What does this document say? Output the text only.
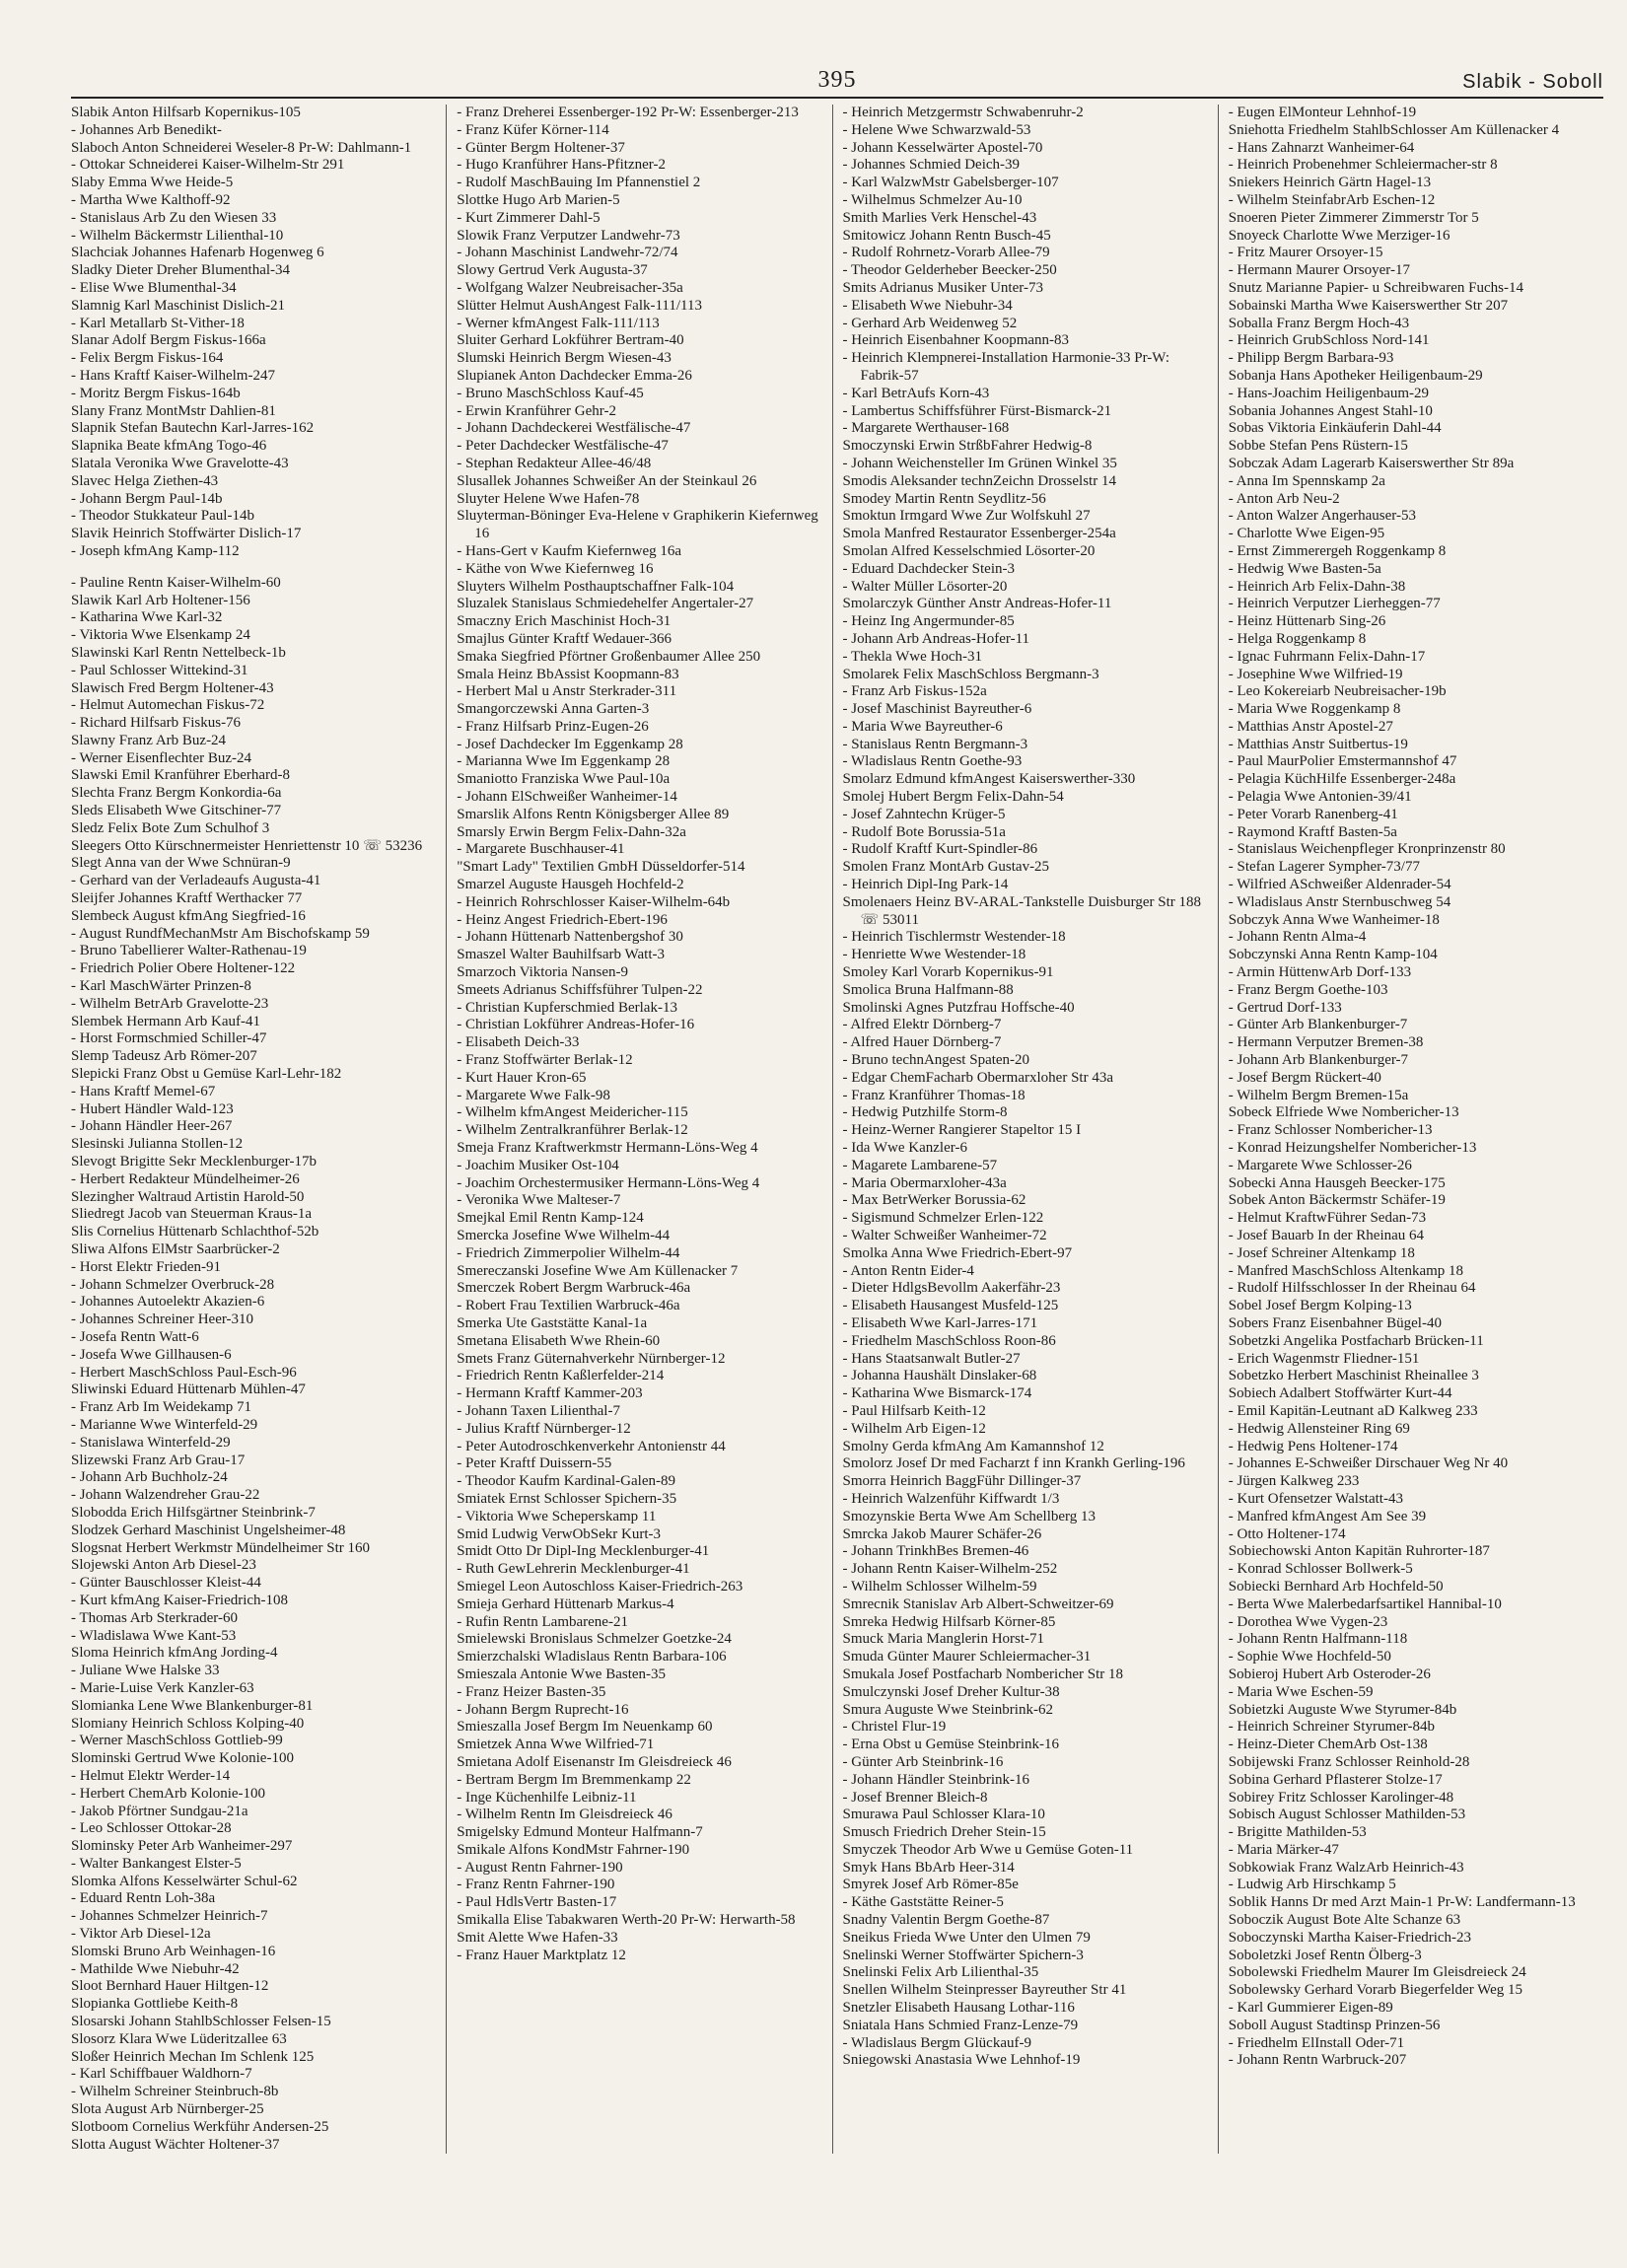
395	Slabik - Soboll
Slabik Anton Hilfsarb Kopernikus-105
- Johannes Arb Benedikt-
Slaboch Anton Schneiderei Weseler-8 Pr-W: Dahlmann-1
- Ottokar Schneiderei Kaiser-Wilhelm-Str 291
Slaby Emma Wwe Heide-5
- Martha Wwe Kalthoff-92
- Stanislaus Arb Zu den Wiesen 33
- Wilhelm Bäckermstr Lilienthal-10
Slachciak Johannes Hafenarb Hogenweg 6
Sladky Dieter Dreher Blumenthal-34
- Elise Wwe Blumenthal-34
Slamnig Karl Maschinist Dislich-21
- Karl Metallarb St-Vither-18
Slanar Adolf Bergm Fiskus-166a
- Felix Bergm Fiskus-164
- Hans Kraftf Kaiser-Wilhelm-247
- Moritz Bergm Fiskus-164b
Slany Franz MontMstr Dahlien-81
Slapnik Stefan Bautechn Karl-Jarres-162
Slapnika Beate kfmAng Togo-46
Slatala Veronika Wwe Gravelotte-43
Slavec Helga Ziethen-43
- Johann Bergm Paul-14b
- Theodor Stukkateur Paul-14b
Slavik Heinrich Stoffwärter Dislich-17
- Joseph kfmAng Kamp-112
- Pauline Rentn Kaiser-Wilhelm-60
Slawik Karl Arb Holtener-156
- Katharina Wwe Karl-32
- Viktoria Wwe Elsenkamp 24
Slawinski Karl Rentn Nettelbeck-1b
- Paul Schlosser Wittekind-31
Slawisch Fred Bergm Holtener-43
- Helmut Automechan Fiskus-72
- Richard Hilfsarb Fiskus-76
Slawny Franz Arb Buz-24
- Werner Eisenflechter Buz-24
Slawski Emil Kranführer Eberhard-8
Slechta Franz Bergm Konkordia-6a
Sleds Elisabeth Wwe Gitschiner-77
Sledz Felix Bote Zum Schulhof 3
Sleegers Otto Kürschnermeister Henriettenstr 10 ☏ 53236
Slegt Anna van der Wwe Schnüran-9
- Gerhard van der Verladeaufs Augusta-41
Sleijfer Johannes Kraftf Werthacker 77
Slembeck August kfmAng Siegfried-16
- August RundfMechanMstr Am Bischofskamp 59
- Bruno Tabellierer Walter-Rathenau-19
- Friedrich Polier Obere Holtener-122
- Karl MaschWärter Prinzen-8
- Wilhelm BetrArb Gravelotte-23
Slembek Hermann Arb Kauf-41
- Horst Formschmied Schiller-47
Slemp Tadeusz Arb Römer-207
Slepicki Franz Obst u Gemüse Karl-Lehr-182
- Hans Kraftf Memel-67
- Hubert Händler Wald-123
- Johann Händler Heer-267
Slesinski Julianna Stollen-12
Slevogt Brigitte Sekr Mecklenburger-17b
- Herbert Redakteur Mündelheimer-26
Slezingher Waltraud Artistin Harold-50
Sliedregt Jacob van Steuerman Kraus-1a
Slis Cornelius Hüttenarb Schlachthof-52b
Sliwa Alfons ElMstr Saarbrücker-2
- Horst Elektr Frieden-91
- Johann Schmelzer Overbruck-28
- Johannes Autoelektr Akazien-6
- Johannes Schreiner Heer-310
- Josefa Rentn Watt-6
- Josefa Wwe Gillhausen-6
- Herbert MaschSchloss Paul-Esch-96
Sliwinski Eduard Hüttenarb Mühlen-47
- Franz Arb Im Weidekamp 71
- Marianne Wwe Winterfeld-29
- Stanislawa Winterfeld-29
Slizewski Franz Arb Grau-17
- Johann Arb Buchholz-24
- Johann Walzendreher Grau-22
Slobodda Erich Hilfsgärtner Steinbrink-7
Slodzek Gerhard Maschinist Ungelsheimer-48
Slogsnat Herbert Werkmstr Mündelheimer Str 160
Slojewski Anton Arb Diesel-23
- Günter Bauschlosser Kleist-44
- Kurt kfmAng Kaiser-Friedrich-108
- Thomas Arb Sterkrader-60
- Wladislawa Wwe Kant-53
Sloma Heinrich kfmAng Jording-4
- Juliane Wwe Halske 33
- Marie-Luise Verk Kanzler-63
Slomianka Lene Wwe Blankenburger-81
Slomiany Heinrich Schloss Kolping-40
- Werner MaschSchloss Gottlieb-99
Slominski Gertrud Wwe Kolonie-100
- Helmut Elektr Werder-14
- Herbert ChemArb Kolonie-100
- Jakob Pförtner Sundgau-21a
- Leo Schlosser Ottokar-28
Slominsky Peter Arb Wanheimer-297
- Walter Bankangest Elster-5
Slomka Alfons Kesselwärter Schul-62
- Eduard Rentn Loh-38a
- Johannes Schmelzer Heinrich-7
- Viktor Arb Diesel-12a
Slomski Bruno Arb Weinhagen-16
- Mathilde Wwe Niebuhr-42
Sloot Bernhard Hauer Hiltgen-12
Slopianka Gottliebe Keith-8
Slosarski Johann StahlbSchlosser Felsen-15
Slosorz Klara Wwe Lüderitzallee 63
Sloßer Heinrich Mechan Im Schlenk 125
- Karl Schiffbauer Waldhorn-7
- Wilhelm Schreiner Steinbruch-8b
Slota August Arb Nürnberger-25
Slotboom Cornelius Werkführ Andersen-25
Slotta August Wächter Holtener-37
- Franz Dreherei Essenberger-192 Pr-W: Essenberger-213
- Franz Küfer Körner-114
- Günter Bergm Holtener-37
- Hugo Kranführer Hans-Pfitzner-2
- Rudolf MaschBauing Im Pfannenstiel 2
Slottke Hugo Arb Marien-5
- Kurt Zimmerer Dahl-5
Slowik Franz Verputzer Landwehr-73
- Johann Maschinist Landwehr-72/74
Slowy Gertrud Verk Augusta-37
- Wolfgang Walzer Neubreisacher-35a
Slütter Helmut AushAngest Falk-111/113
- Werner kfmAngest Falk-111/113
Sluiter Gerhard Lokführer Bertram-40
Slumski Heinrich Bergm Wiesen-43
Slupianek Anton Dachdecker Emma-26
- Bruno MaschSchloss Kauf-45
- Erwin Kranführer Gehr-2
- Johann Dachdeckerei Westfälische-47
- Peter Dachdecker Westfälische-47
- Stephan Redakteur Allee-46/48
Slusallek Johannes Schweißer An der Steinkaul 26
Sluyter Helene Wwe Hafen-78
Sluyterman-Böninger Eva-Helene v Graphikerin Kiefernweg 16
- Hans-Gert v Kaufm Kiefernweg 16a
- Käthe von Wwe Kiefernweg 16
Sluyters Wilhelm Posthauptschaffner Falk-104
Sluzalek Stanislaus Schmiedehelfer Angertaler-27
Smaczny Erich Maschinist Hoch-31
Smajlus Günter Kraftf Wedauer-366
Smaka Siegfried Pförtner Großenbaumer Allee 250
Smala Heinz BbAssist Koopmann-83
- Herbert Mal u Anstr Sterkrader-311
Smangorczewski Anna Garten-3
- Franz Hilfsarb Prinz-Eugen-26
- Josef Dachdecker Im Eggenkamp 28
- Marianna Wwe Im Eggenkamp 28
Smaniotto Franziska Wwe Paul-10a
- Johann ElSchweißer Wanheimer-14
Smarslik Alfons Rentn Königsberger Allee 89
Smarsly Erwin Bergm Felix-Dahn-32a
- Margarete Buschhauser-41
"Smart Lady" Textilien GmbH Düsseldorfer-514
Smarzel Auguste Hausgeh Hochfeld-2
- Heinrich Rohrschlosser Kaiser-Wilhelm-64b
- Heinz Angest Friedrich-Ebert-196
- Johann Hüttenarb Nattenbergshof 30
Smaszel Walter Bauhilfsarb Watt-3
Smarzoch Viktoria Nansen-9
Smeets Adrianus Schiffsführer Tulpen-22
- Christian Kupferschmied Berlak-13
- Christian Lokführer Andreas-Hofer-16
- Elisabeth Deich-33
- Franz Stoffwärter Berlak-12
- Kurt Hauer Kron-65
- Margarete Wwe Falk-98
- Wilhelm kfmAngest Meidericher-115
- Wilhelm Zentralkranführer Berlak-12
Smeja Franz Kraftwerkmstr Hermann-Löns-Weg 4
- Joachim Musiker Ost-104
- Joachim Orchestermusiker Hermann-Löns-Weg 4
- Veronika Wwe Malteser-7
Smejkal Emil Rentn Kamp-124
Smercka Josefine Wwe Wilhelm-44
- Friedrich Zimmerpolier Wilhelm-44
Smereczanski Josefine Wwe Am Küllenacker 7
Smerczek Robert Bergm Warbruck-46a
- Robert Frau Textilien Warbruck-46a
Smerka Ute Gaststätte Kanal-1a
Smetana Elisabeth Wwe Rhein-60
Smets Franz Güternahverkehr Nürnberger-12
- Friedrich Rentn Kaßlerfelder-214
- Hermann Kraftf Kammer-203
- Johann Taxen Lilienthal-7
- Julius Kraftf Nürnberger-12
- Peter Autodroschkenverkehr Antonienstr 44
- Peter Kraftf Duissern-55
- Theodor Kaufm Kardinal-Galen-89
Smiatek Ernst Schlosser Spichern-35
- Viktoria Wwe Scheperskamp 11
Smid Ludwig VerwObSekr Kurt-3
Smidt Otto Dr Dipl-Ing Mecklenburger-41
- Ruth GewLehrerin Mecklenburger-41
Smiegel Leon Autoschloss Kaiser-Friedrich-263
Smieja Gerhard Hüttenarb Markus-4
- Rufin Rentn Lambarene-21
Smielewski Bronislaus Schmelzer Goetzke-24
Smierzchalski Wladislaus Rentn Barbara-106
Smieszala Antonie Wwe Basten-35
- Franz Heizer Basten-35
- Johann Bergm Ruprecht-16
Smieszalla Josef Bergm Im Neuenkamp 60
Smietzek Anna Wwe Wilfried-71
Smietana Adolf Eisenanstr Im Gleisdreieck 46
- Bertram Bergm Im Bremmenkamp 22
- Inge Küchenhilfe Leibniz-11
- Wilhelm Rentn Im Gleisdreieck 46
Smigelsky Edmund Monteur Halfmann-7
Smikale Alfons KondMstr Fahrner-190
- August Rentn Fahrner-190
- Franz Rentn Fahrner-190
- Paul HdlsVertr Basten-17
Smikalla Elise Tabakwaren Werth-20 Pr-W: Herwarth-58
Smit Alette Wwe Hafen-33
- Franz Hauer Marktplatz 12
- Heinrich Metzgermstr Schwabenruhr-2
- Helene Wwe Schwarzwald-53
- Johann Kesselwärter Apostel-70
- Johannes Schmied Deich-39
- Karl WalzwMstr Gabelsberger-107
- Wilhelmus Schmelzer Au-10
Smith Marlies Verk Henschel-43
Smitowicz Johann Rentn Busch-45
- Rudolf Rohrnetz-Vorarb Allee-79
- Theodor Gelderheber Beecker-250
Smits Adrianus Musiker Unter-73
- Elisabeth Wwe Niebuhr-34
- Gerhard Arb Weidenweg 52
- Heinrich Eisenbahner Koopmann-83
- Heinrich Klempnerei-Installation Harmonie-33 Pr-W: Fabrik-57
- Karl BetrAufs Korn-43
- Lambertus Schiffsführer Fürst-Bismarck-21
- Margarete Werthauser-168
Smoczynski Erwin StrßbFahrer Hedwig-8
- Johann Weichensteller Im Grünen Winkel 35
Smodis Aleksander technZeichn Drosselstr 14
Smodey Martin Rentn Seydlitz-56
Smoktun Irmgard Wwe Zur Wolfskuhl 27
Smola Manfred Restaurator Essenberger-254a
Smolan Alfred Kesselschmied Lösorter-20
- Eduard Dachdecker Stein-3
- Walter Müller Lösorter-20
Smolarczyk Günther Anstr Andreas-Hofer-11
- Heinz Ing Angermunder-85
- Johann Arb Andreas-Hofer-11
- Thekla Wwe Hoch-31
Smolarek Felix MaschSchloss Bergmann-3
- Franz Arb Fiskus-152a
- Josef Maschinist Bayreuther-6
- Maria Wwe Bayreuther-6
- Stanislaus Rentn Bergmann-3
- Wladislaus Rentn Goethe-93
Smolarz Edmund kfmAngest Kaiserswerther-330
Smolej Hubert Bergm Felix-Dahn-54
- Josef Zahntechn Krüger-5
- Rudolf Bote Borussia-51a
- Rudolf Kraftf Kurt-Spindler-86
Smolen Franz MontArb Gustav-25
- Heinrich Dipl-Ing Park-14
Smolenaers Heinz BV-ARAL-Tankstelle Duisburger Str 188 ☏ 53011
- Heinrich Tischlermstr Westender-18
- Henriette Wwe Westender-18
Smoley Karl Vorarb Kopernikus-91
Smolica Bruna Halfmann-88
Smolinski Agnes Putzfrau Hoffsche-40
- Alfred Elektr Dörnberg-7
- Alfred Hauer Dörnberg-7
- Bruno technAngest Spaten-20
- Edgar ChemFacharb Obermarxloher Str 43a
- Franz Kranführer Thomas-18
- Hedwig Putzhilfe Storm-8
- Heinz-Werner Rangierer Stapeltor 15 I
- Ida Wwe Kanzler-6
- Magarete Lambarene-57
- Maria Obermarxloher-43a
- Max BetrWerker Borussia-62
- Sigismund Schmelzer Erlen-122
- Walter Schweißer Wanheimer-72
Smolka Anna Wwe Friedrich-Ebert-97
- Anton Rentn Eider-4
- Dieter HdlgsBevollm Aakerfähr-23
- Elisabeth Hausangest Musfeld-125
- Elisabeth Wwe Karl-Jarres-171
- Friedhelm MaschSchloss Roon-86
- Hans Staatsanwalt Butler-27
- Johanna Haushält Dinslaker-68
- Katharina Wwe Bismarck-174
- Paul Hilfsarb Keith-12
- Wilhelm Arb Eigen-12
Smolny Gerda kfmAng Am Kamannshof 12
Smolorz Josef Dr med Facharzt f inn Krankh Gerling-196
Smorra Heinrich BaggFühr Dillinger-37
- Heinrich Walzenführ Kiffwardt 1/3
Smozynskie Berta Wwe Am Schellberg 13
Smrcka Jakob Maurer Schäfer-26
- Johann TrinkhBes Bremen-46
- Johann Rentn Kaiser-Wilhelm-252
- Wilhelm Schlosser Wilhelm-59
Smrecnik Stanislav Arb Albert-Schweitzer-69
Smreka Hedwig Hilfsarb Körner-85
Smuck Maria Manglerin Horst-71
Smuda Günter Maurer Schleiermacher-31
Smukala Josef Postfacharb Nombericher Str 18
Smulczynski Josef Dreher Kultur-38
Smura Auguste Wwe Steinbrink-62
- Christel Flur-19
- Erna Obst u Gemüse Steinbrink-16
- Günter Arb Steinbrink-16
- Johann Händler Steinbrink-16
- Josef Brenner Bleich-8
Smurawa Paul Schlosser Klara-10
Smusch Friedrich Dreher Stein-15
Smyczek Theodor Arb Wwe u Gemüse Goten-11
Smyk Hans BbArb Heer-314
Smyrek Josef Arb Römer-85e
- Käthe Gaststätte Reiner-5
Snadny Valentin Bergm Goethe-87
Sneikus Frieda Wwe Unter den Ulmen 79
Snelinski Werner Stoffwärter Spichern-3
Snelinski Felix Arb Lilienthal-35
Snellen Wilhelm Steinpresser Bayreuther Str 41
Snetzler Elisabeth Hausang Lothar-116
Sniatala Hans Schmied Franz-Lenze-79
- Wladislaus Bergm Glückauf-9
Sniegowski Anastasia Wwe Lehnhof-19
- Eugen ElMonteur Lehnhof-19
Sniehotta Friedhelm StahlbSchlosser Am Küllenacker 4
- Hans Zahnarzt Wanheimer-64
- Heinrich Probenehmer Schleiermacher-str 8
Sniekers Heinrich Gärtn Hagel-13
- Wilhelm SteinfabrArb Eschen-12
Snoeren Pieter Zimmerer Zimmerstr Tor 5
Snoyeck Charlotte Wwe Merziger-16
- Fritz Maurer Orsoyer-15
- Hermann Maurer Orsoyer-17
Snutz Marianne Papier- u Schreibwaren Fuchs-14
Sobainski Martha Wwe Kaiserswerther Str 207
Soballa Franz Bergm Hoch-43
- Heinrich GrubSchloss Nord-141
- Philipp Bergm Barbara-93
Sobanja Hans Apotheker Heiligenbaum-29
- Hans-Joachim Heiligenbaum-29
Sobania Johannes Angest Stahl-10
Sobas Viktoria Einkäuferin Dahl-44
Sobbe Stefan Pens Rüstern-15
Sobczak Adam Lagerarb Kaiserswerther Str 89a
- Anna Im Spennskamp 2a
- Anton Arb Neu-2
- Anton Walzer Angerhauser-53
- Charlotte Wwe Eigen-95
- Ernst Zimmerergeh Roggenkamp 8
- Hedwig Wwe Basten-5a
- Heinrich Arb Felix-Dahn-38
- Heinrich Verputzer Lierheggen-77
- Heinz Hüttenarb Sing-26
- Helga Roggenkamp 8
- Ignac Fuhrmann Felix-Dahn-17
- Josephine Wwe Wilfried-19
- Leo Kokereiarb Neubreisacher-19b
- Maria Wwe Roggenkamp 8
- Matthias Anstr Apostel-27
- Matthias Anstr Suitbertus-19
- Paul MaurPolier Emstermannshof 47
- Pelagia KüchHilfe Essenberger-248a
- Pelagia Wwe Antonien-39/41
- Peter Vorarb Ranenberg-41
- Raymond Kraftf Basten-5a
- Stanislaus Weichenpfleger Kronprinzenstr 80
- Stefan Lagerer Sympher-73/77
- Wilfried ASchweißer Aldenrader-54
- Wladislaus Anstr Sternbuschweg 54
Sobczyk Anna Wwe Wanheimer-18
- Johann Rentn Alma-4
Sobczynski Anna Rentn Kamp-104
- Armin HüttenwArb Dorf-133
- Franz Bergm Goethe-103
- Gertrud Dorf-133
- Günter Arb Blankenburger-7
- Hermann Verputzer Bremen-38
- Johann Arb Blankenburger-7
- Josef Bergm Rückert-40
- Wilhelm Bergm Bremen-15a
Sobeck Elfriede Wwe Nombericher-13
- Franz Schlosser Nombericher-13
- Konrad Heizungshelfer Nombericher-13
- Margarete Wwe Schlosser-26
Sobecki Anna Hausgeh Beecker-175
Sobek Anton Bäckermstr Schäfer-19
- Helmut KraftwFührer Sedan-73
- Josef Bauarb In der Rheinau 64
- Josef Schreiner Altenkamp 18
- Manfred MaschSchloss Altenkamp 18
- Rudolf Hilfsschlosser In der Rheinau 64
Sobel Josef Bergm Kolping-13
Sobers Franz Eisenbahner Bügel-40
Sobetzki Angelika Postfacharb Brücken-11
- Erich Wagenmstr Fliedner-151
Sobetzko Herbert Maschinist Rheinallee 3
Sobiech Adalbert Stoffwärter Kurt-44
- Emil Kapitän-Leutnant aD Kalkweg 233
- Hedwig Allensteiner Ring 69
- Hedwig Pens Holtener-174
- Johannes E-Schweißer Dirschauer Weg Nr 40
- Jürgen Kalkweg 233
- Kurt Ofensetzer Walstatt-43
- Manfred kfmAngest Am See 39
- Otto Holtener-174
Sobiechowski Anton Kapitän Ruhrorter-187
- Konrad Schlosser Bollwerk-5
Sobiecki Bernhard Arb Hochfeld-50
- Berta Wwe Malerbedarfsartikel Hannibal-10
- Dorothea Wwe Vygen-23
- Johann Rentn Halfmann-118
- Sophie Wwe Hochfeld-50
Sobieroj Hubert Arb Osteroder-26
- Maria Wwe Eschen-59
Sobietzki Auguste Wwe Styrumer-84b
- Heinrich Schreiner Styrumer-84b
- Heinz-Dieter ChemArb Ost-138
Sobijewski Franz Schlosser Reinhold-28
Sobina Gerhard Pflasterer Stolze-17
Sobirey Fritz Schlosser Karolinger-48
Sobisch August Schlosser Mathilden-53
- Brigitte Mathilden-53
- Maria Märker-47
Sobkowiak Franz WalzArb Heinrich-43
- Ludwig Arb Hirschkamp 5
Soblik Hanns Dr med Arzt Main-1 Pr-W: Landfermann-13
Soboczik August Bote Alte Schanze 63
Soboczynski Martha Kaiser-Friedrich-23
Soboletzki Josef Rentn Ölberg-3
Sobolewski Friedhelm Maurer Im Gleisdreieck 24
Sobolewsky Gerhard Vorarb Biegerfelder Weg 15
- Karl Gummierer Eigen-89
Soboll August Stadtinsp Prinzen-56
- Friedhelm ElInstall Oder-71
- Johann Rentn Warbruck-207
